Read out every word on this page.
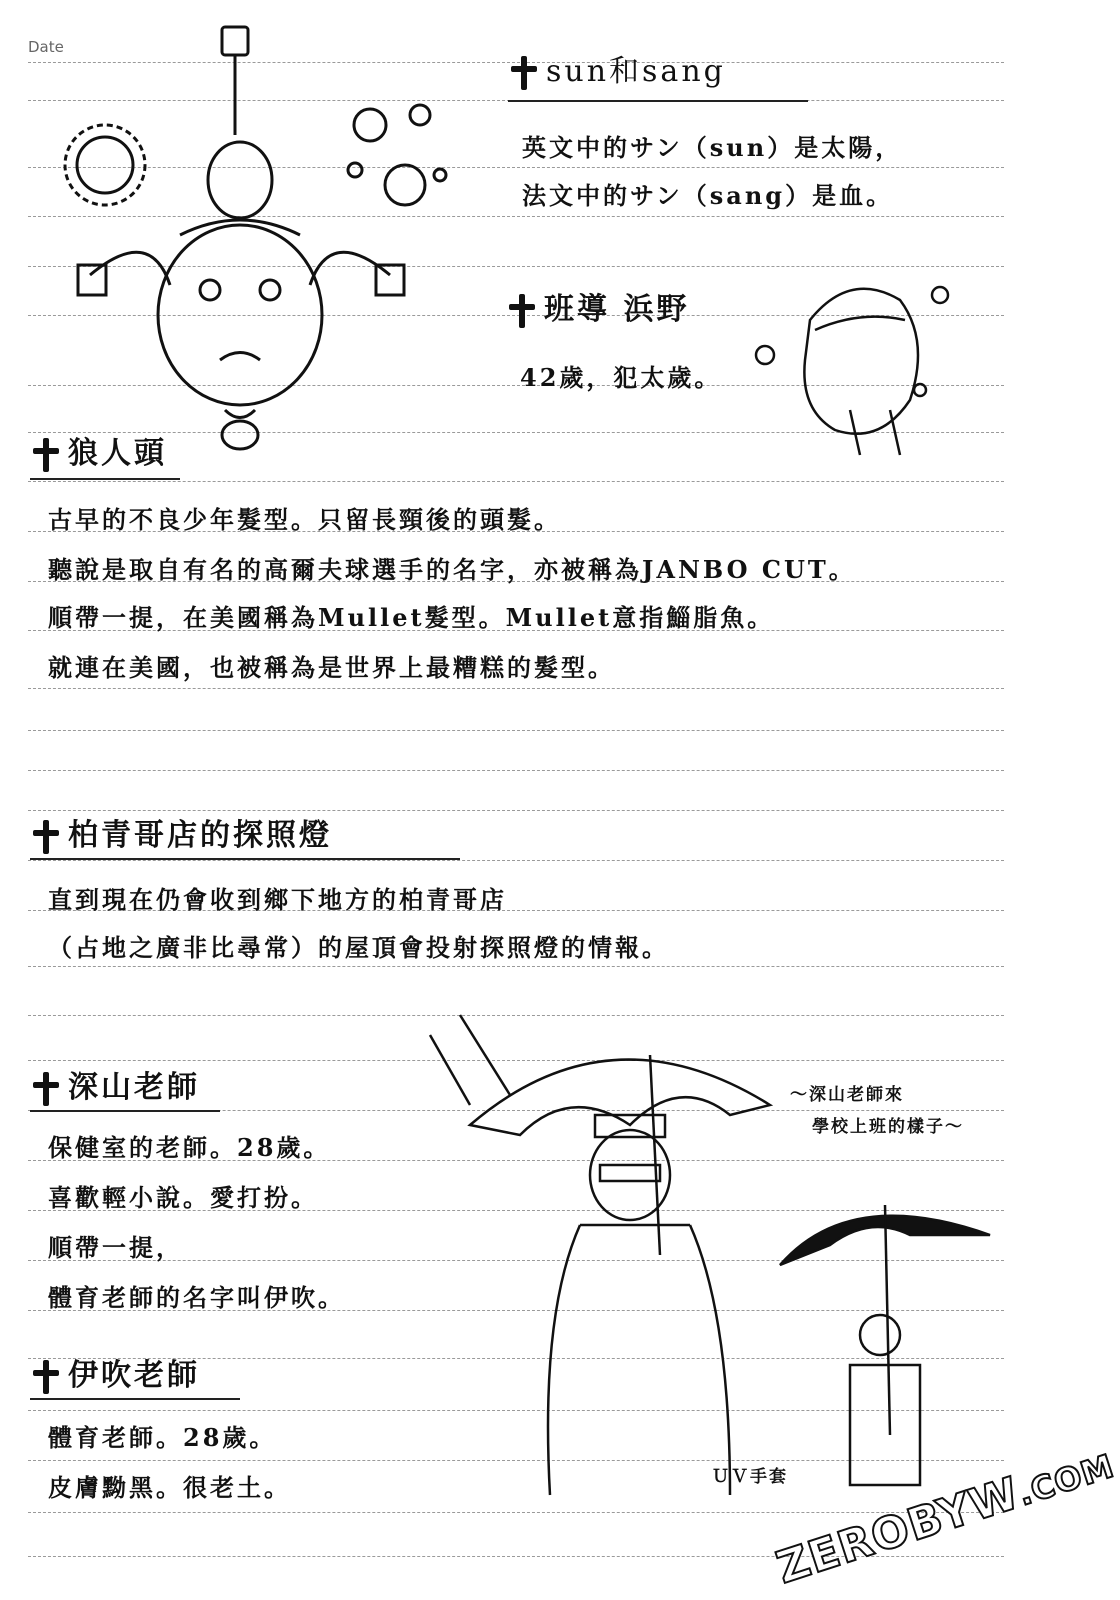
Date
sun和sang
英文中的サン（sun）是太陽，
法文中的サン（sang）是血。
班導 浜野
42歲，犯太歲。
狼人頭
古早的不良少年髮型。只留長頸後的頭髮。
聽說是取自有名的高爾夫球選手的名字，亦被稱為JANBO CUT。
順帶一提，在美國稱為Mullet髮型。Mullet意指鯔脂魚。
就連在美國，也被稱為是世界上最糟糕的髮型。
柏青哥店的探照燈
直到現在仍會收到鄉下地方的柏青哥店
（占地之廣非比尋常）的屋頂會投射探照燈的情報。
～深山老師來
學校上班的樣子～
ＵＶ手套
深山老師
保健室的老師。28歲。
喜歡輕小說。愛打扮。
順帶一提，
體育老師的名字叫伊吹。
伊吹老師
體育老師。28歲。
皮膚黝黑。很老土。	ZEROBYW.COM
